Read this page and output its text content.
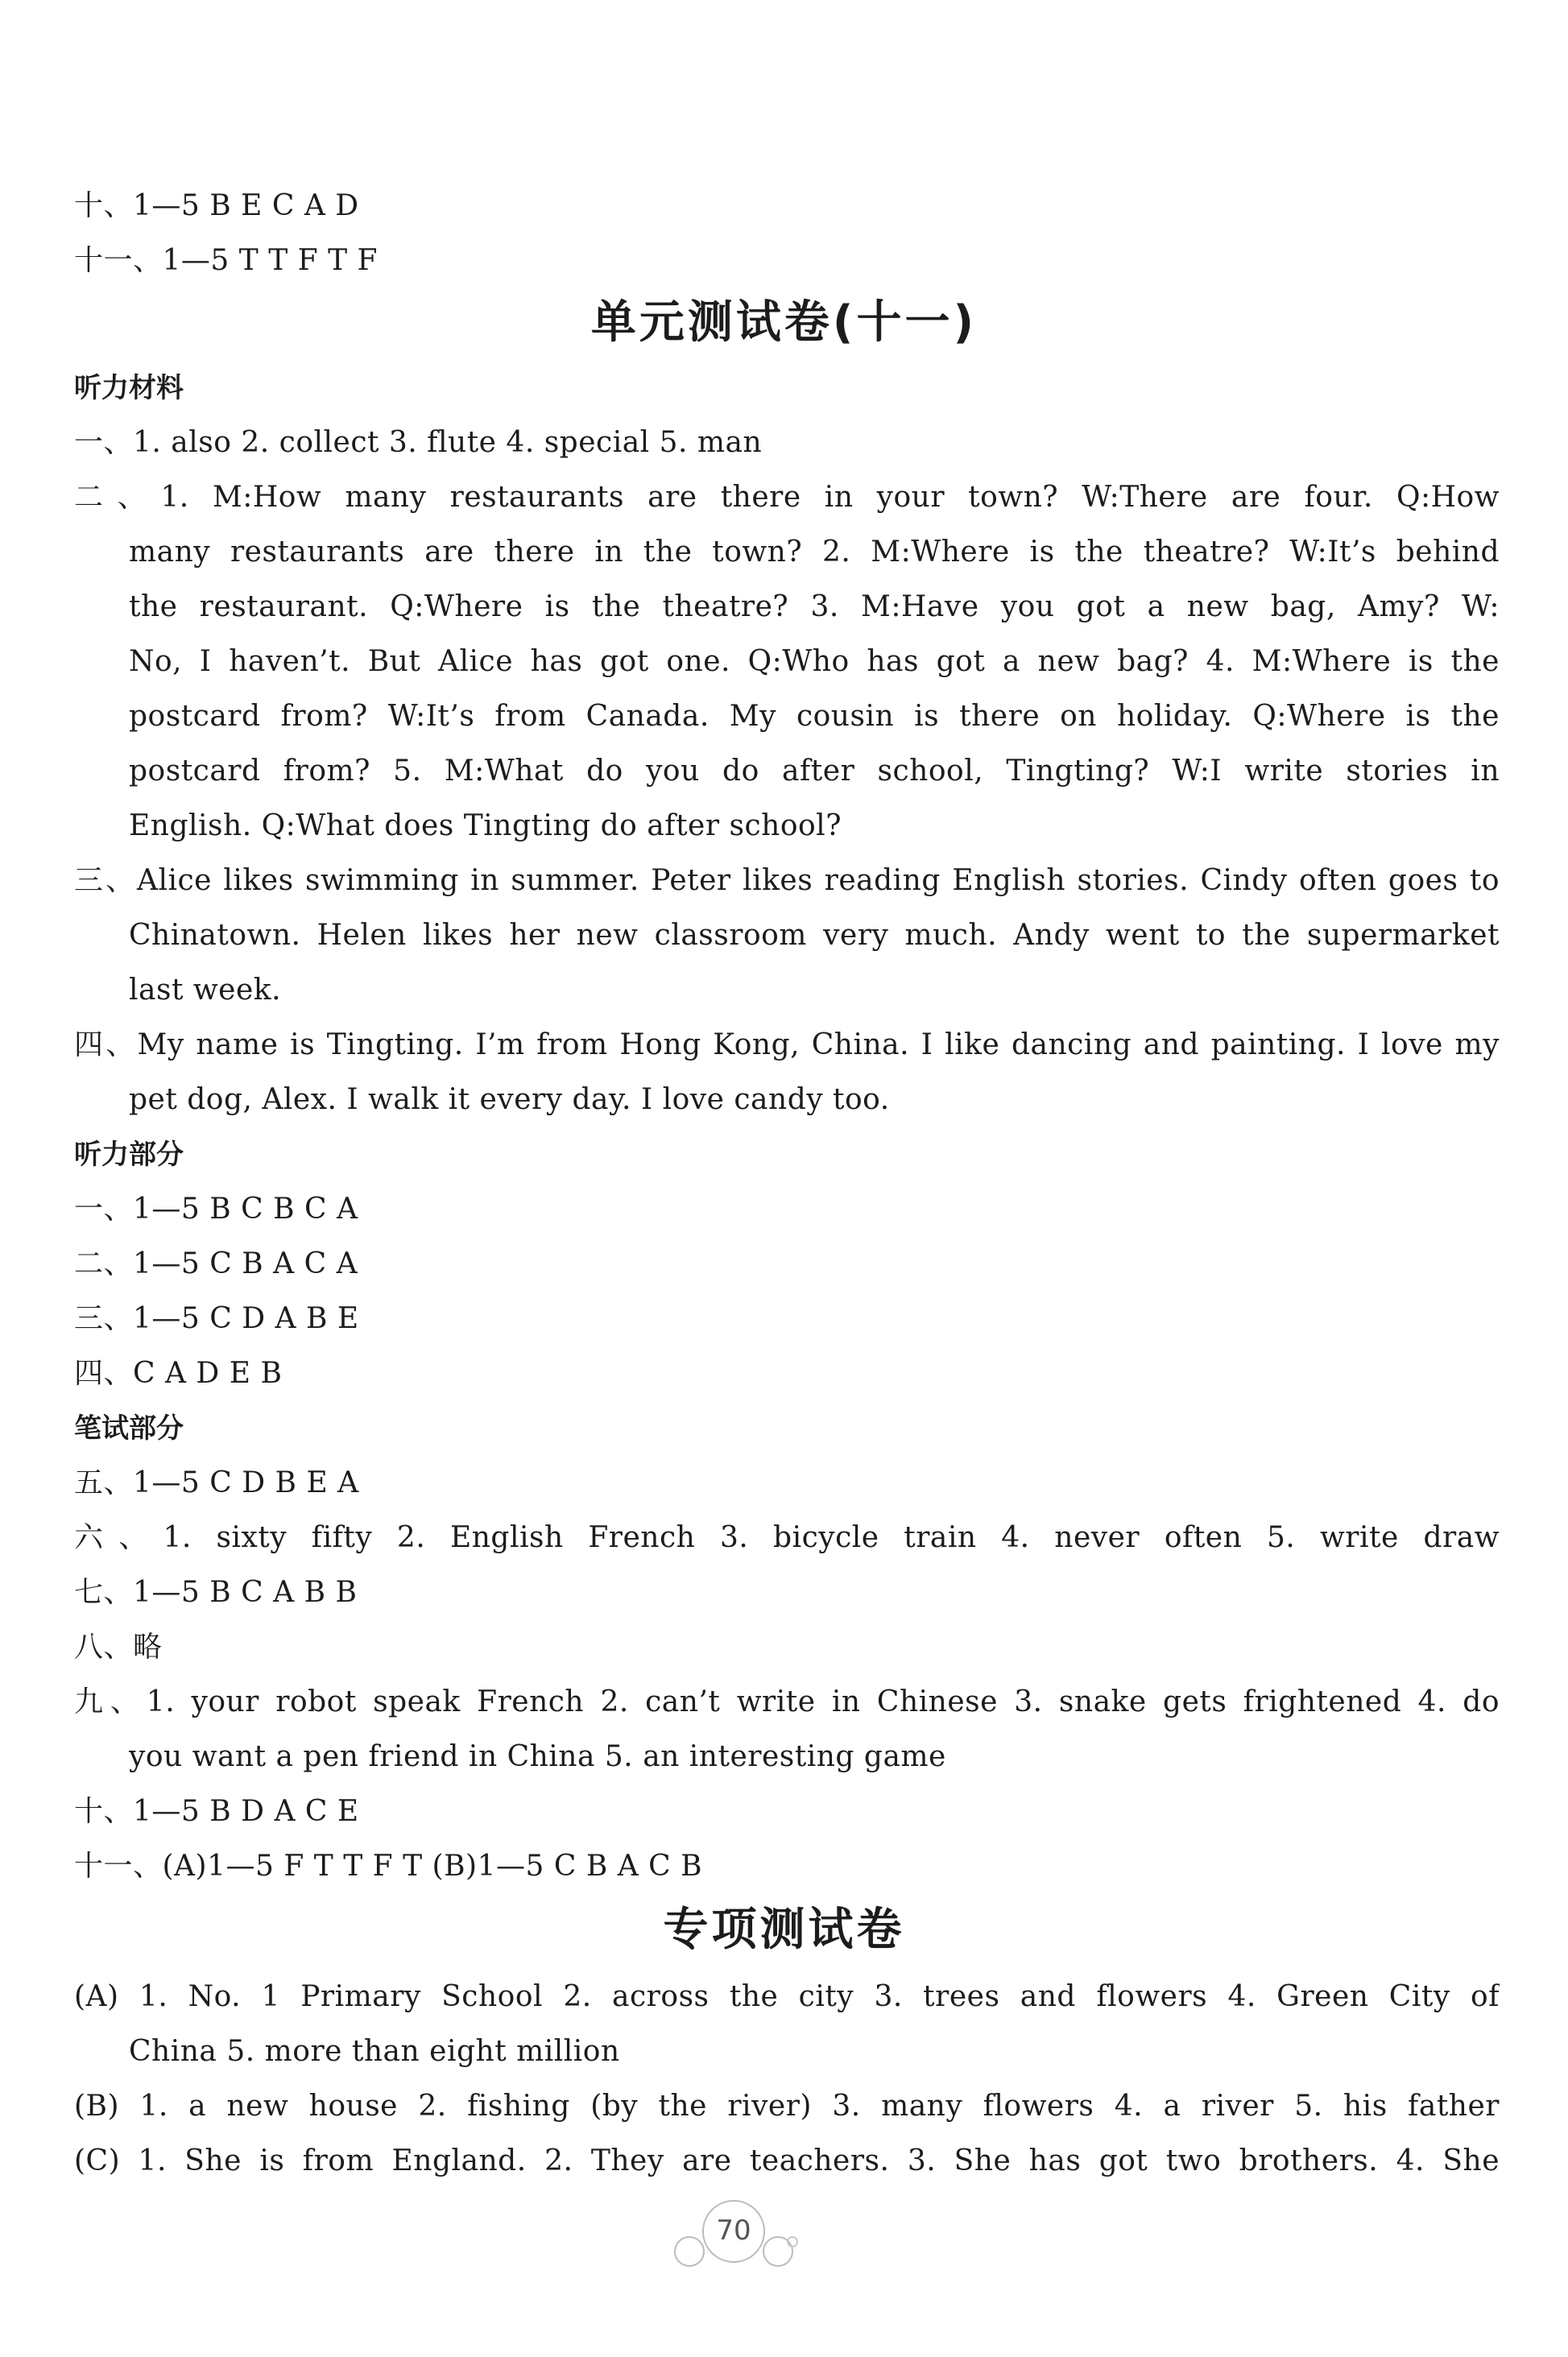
十、1—5 B E C A D
十一、1—5 T T F T F
单元测试卷(十一)
听力材料
一、1. also 2. collect 3. flute 4. special 5. man
二、1. M:How many restaurants are there in your town? W:There are four. Q:How
many restaurants are there in the town? 2. M:Where is the theatre? W:It’s behind
the restaurant. Q:Where is the theatre? 3. M:Have you got a new bag, Amy? W:
No, I haven’t. But Alice has got one. Q:Who has got a new bag? 4. M:Where is the
postcard from? W:It’s from Canada. My cousin is there on holiday. Q:Where is the
postcard from? 5. M:What do you do after school, Tingting? W:I write stories in
English. Q:What does Tingting do after school?
三、Alice likes swimming in summer. Peter likes reading English stories. Cindy often goes to
Chinatown. Helen likes her new classroom very much. Andy went to the supermarket
last week.
四、My name is Tingting. I’m from Hong Kong, China. I like dancing and painting. I love my
pet dog, Alex. I walk it every day. I love candy too.
听力部分
一、1—5 B C B C A
二、1—5 C B A C A
三、1—5 C D A B E
四、C A D E B
笔试部分
五、1—5 C D B E A
六、1. sixty fifty 2. English French 3. bicycle train 4. never often 5. write draw
七、1—5 B C A B B
八、略
九、1. your robot speak French 2. can’t write in Chinese 3. snake gets frightened 4. do
you want a pen friend in China 5. an interesting game
十、1—5 B D A C E
十一、(A)1—5 F T T F T (B)1—5 C B A C B
专项测试卷
(A) 1. No. 1 Primary School 2. across the city 3. trees and flowers 4. Green City of
China 5. more than eight million
(B) 1. a new house 2. fishing (by the river) 3. many flowers 4. a river 5. his father
(C) 1. She is from England. 2. They are teachers. 3. She has got two brothers. 4. She
70
